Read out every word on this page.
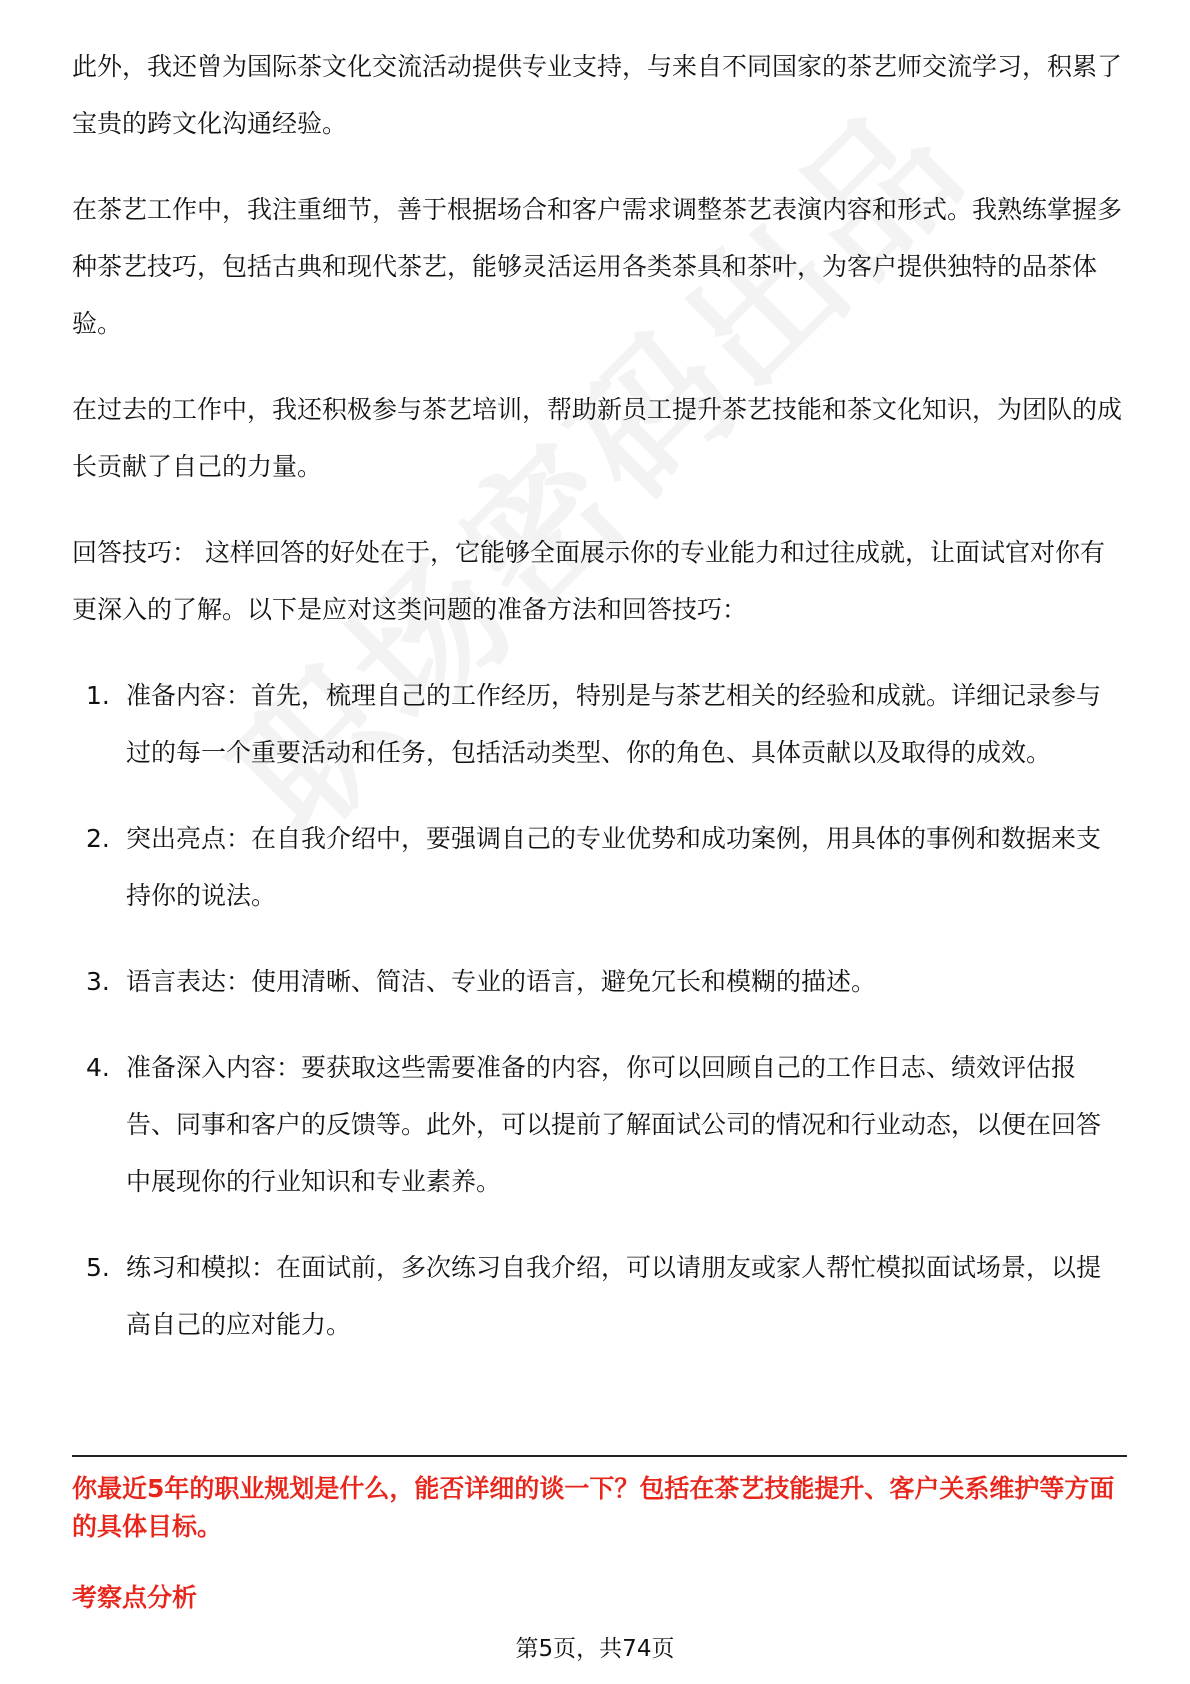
此外，我还曾为国际茶文化交流活动提供专业支持，与来自不同国家的茶艺师交流学习，积累了宝贵的跨文化沟通经验。

在茶艺工作中，我注重细节，善于根据场合和客户需求调整茶艺表演内容和形式。我熟练掌握多种茶艺技巧，包括古典和现代茶艺，能够灵活运用各类茶具和茶叶，为客户提供独特的品茶体验。

在过去的工作中，我还积极参与茶艺培训，帮助新员工提升茶艺技能和茶文化知识，为团队的成长贡献了自己的力量。

回答技巧： 这样回答的好处在于，它能够全面展示你的专业能力和过往成就，让面试官对你有更深入的了解。以下是应对这类问题的准备方法和回答技巧：

1. 准备内容：首先，梳理自己的工作经历，特别是与茶艺相关的经验和成就。详细记录参与过的每一个重要活动和任务，包括活动类型、你的角色、具体贡献以及取得的成效。
2. 突出亮点：在自我介绍中，要强调自己的专业优势和成功案例，用具体的事例和数据来支持你的说法。
3. 语言表达：使用清晰、简洁、专业的语言，避免冗长和模糊的描述。
4. 准备深入内容：要获取这些需要准备的内容，你可以回顾自己的工作日志、绩效评估报告、同事和客户的反馈等。此外，可以提前了解面试公司的情况和行业动态，以便在回答中展现你的行业知识和专业素养。
5. 练习和模拟：在面试前，多次练习自我介绍，可以请朋友或家人帮忙模拟面试场景，以提高自己的应对能力。
你最近5年的职业规划是什么，能否详细的谈一下？包括在茶艺技能提升、客户关系维护等方面的具体目标。
考察点分析
第5页，共74页
